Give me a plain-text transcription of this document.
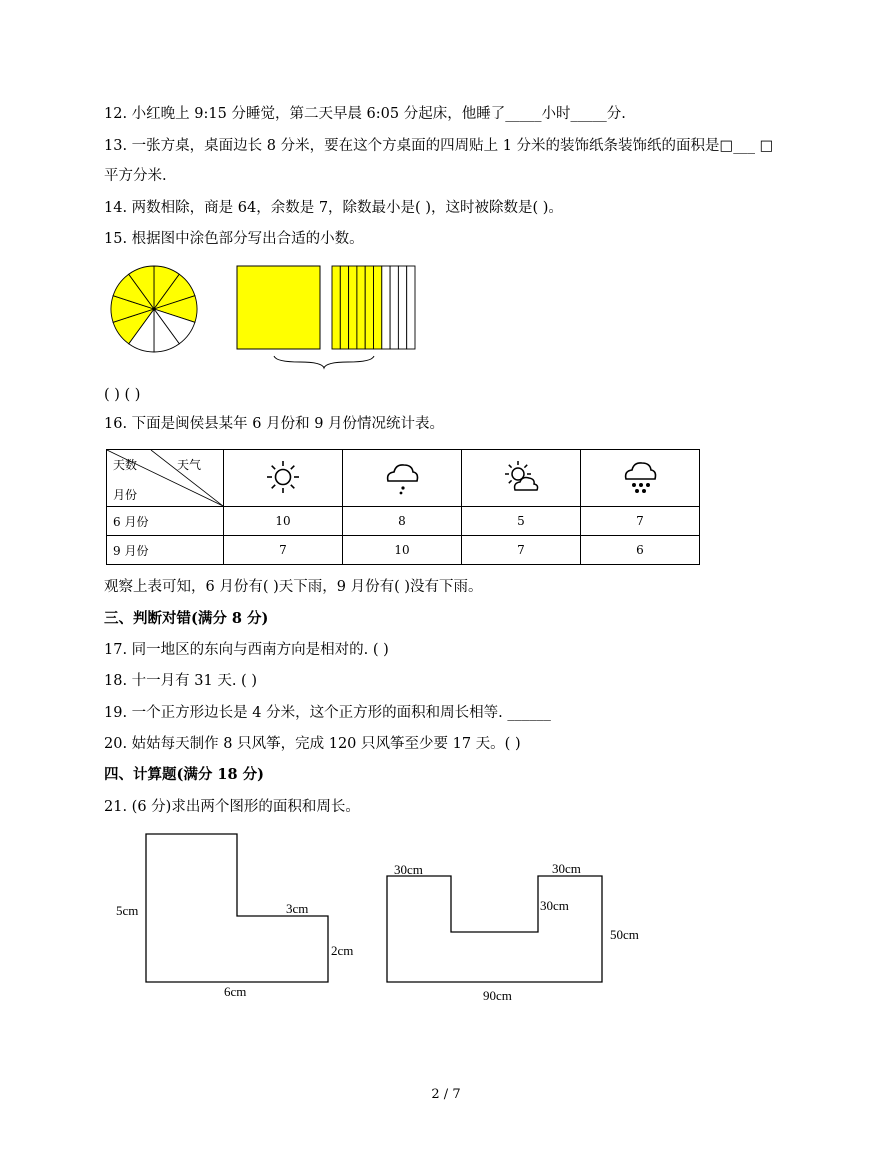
12. 小红晚上 9:15 分睡觉，第二天早晨 6:05 分起床，他睡了_____小时_____分.
13. 一张方桌，桌面边长 8 分米，要在这个方桌面的四周贴上 1 分米的装饰纸条装饰纸的面积是□___ □
平方分米.
14. 两数相除，商是 64，余数是 7，除数最小是( )，这时被除数是( )。
15. 根据图中涂色部分写出合适的小数。
( ) ( )
16. 下面是闽侯县某年 6 月份和 9 月份情况统计表。
天数 天气
月份

6 月份	10	8	5	7
9 月份	7	10	7	6
观察上表可知，6 月份有( )天下雨，9 月份有( )没有下雨。
三、判断对错(满分 8 分)
17. 同一地区的东向与西南方向是相对的. ( )
18. 十一月有 31 天. ( )
19. 一个正方形边长是 4 分米，这个正方形的面积和周长相等. ______
20. 姑姑每天制作 8 只风筝，完成 120 只风筝至少要 17 天。( )
四、计算题(满分 18 分)
21. (6 分)求出两个图形的面积和周长。
5cm	3cm
2cm
6cm
30cm	30cm
30cm
50cm
90cm
2 / 7
